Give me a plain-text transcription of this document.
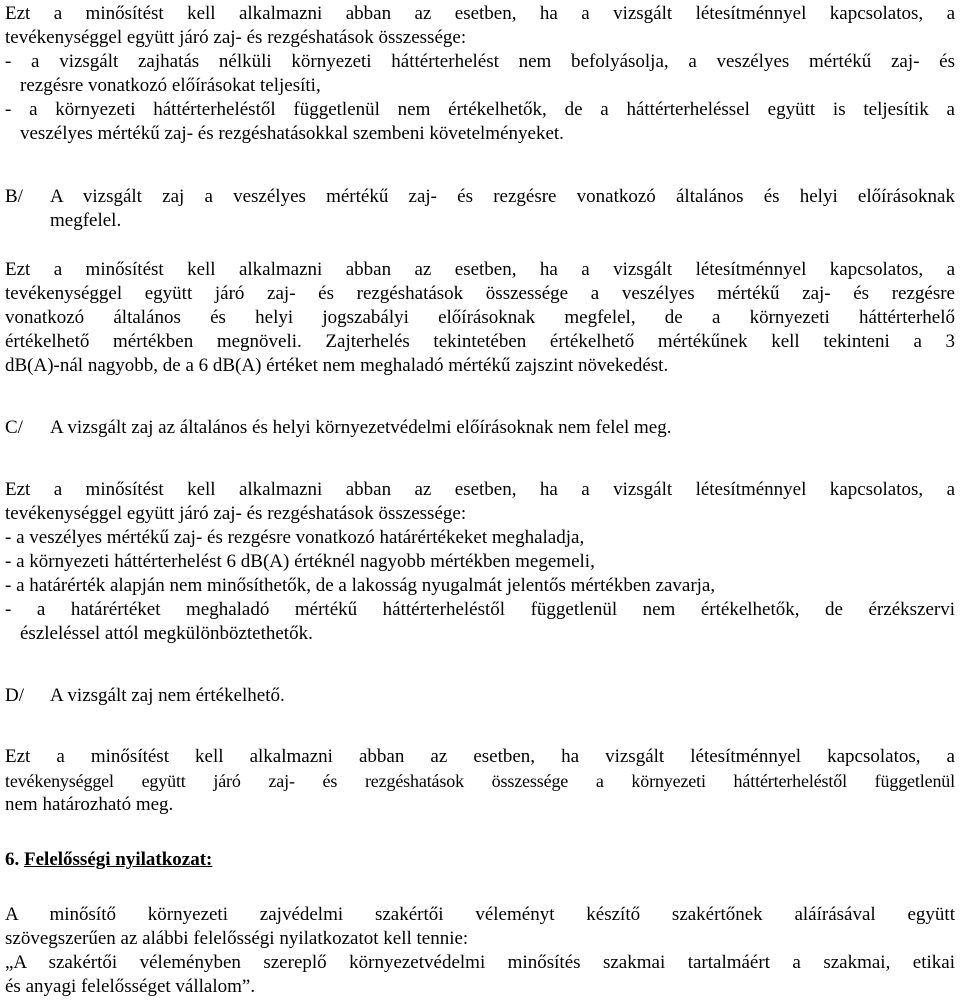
Ezt a minősítést kell alkalmazni abban az esetben, ha a vizsgált létesítménnyel kapcsolatos, a
tevékenységgel együtt járó zaj- és rezgéshatások összessége:
- a vizsgált zajhatás nélküli környezeti háttérterhelést nem befolyásolja, a veszélyes mértékű zaj- és
rezgésre vonatkozó előírásokat teljesíti,
- a környezeti háttérterheléstől függetlenül nem értékelhetők, de a háttérterheléssel együtt is teljesítik a
veszélyes mértékű zaj- és rezgéshatásokkal szembeni követelményeket.
B/ A vizsgált zaj a veszélyes mértékű zaj- és rezgésre vonatkozó általános és helyi előírásoknak
megfelel.
Ezt a minősítést kell alkalmazni abban az esetben, ha a vizsgált létesítménnyel kapcsolatos, a
tevékenységgel együtt járó zaj- és rezgéshatások összessége a veszélyes mértékű zaj- és rezgésre
vonatkozó általános és helyi jogszabályi előírásoknak megfelel, de a környezeti háttérterhelő
értékelhető mértékben megnöveli. Zajterhelés tekintetében értékelhető mértékűnek kell tekinteni a 3
dB(A)-nál nagyobb, de a 6 dB(A) értéket nem meghaladó mértékű zajszint növekedést.
C/ A vizsgált zaj az általános és helyi környezetvédelmi előírásoknak nem felel meg.
Ezt a minősítést kell alkalmazni abban az esetben, ha a vizsgált létesítménnyel kapcsolatos, a
tevékenységgel együtt járó zaj- és rezgéshatások összessége:
- a veszélyes mértékű zaj- és rezgésre vonatkozó határértékeket meghaladja,
- a környezeti háttérterhelést 6 dB(A) értéknél nagyobb mértékben megemeli,
- a határérték alapján nem minősíthetők, de a lakosság nyugalmát jelentős mértékben zavarja,
- a határértéket meghaladó mértékű háttérterheléstől függetlenül nem értékelhetők, de érzékszervi
észleléssel attól megkülönböztethetők.
D/ A vizsgált zaj nem értékelhető.
Ezt a minősítést kell alkalmazni abban az esetben, ha vizsgált létesítménnyel kapcsolatos, a
tevékenységgel együtt járó zaj- és rezgéshatások összessége a környezeti háttérterheléstől függetlenül
nem határozható meg.
6. Felelősségi nyilatkozat:
A minősítő környezeti zajvédelmi szakértői véleményt készítő szakértőnek aláírásával együtt
szövegszerűen az alábbi felelősségi nyilatkozatot kell tennie:
„A szakértői véleményben szereplő környezetvédelmi minősítés szakmai tartalmáért a szakmai, etikai
és anyagi felelősséget vállalom”.
